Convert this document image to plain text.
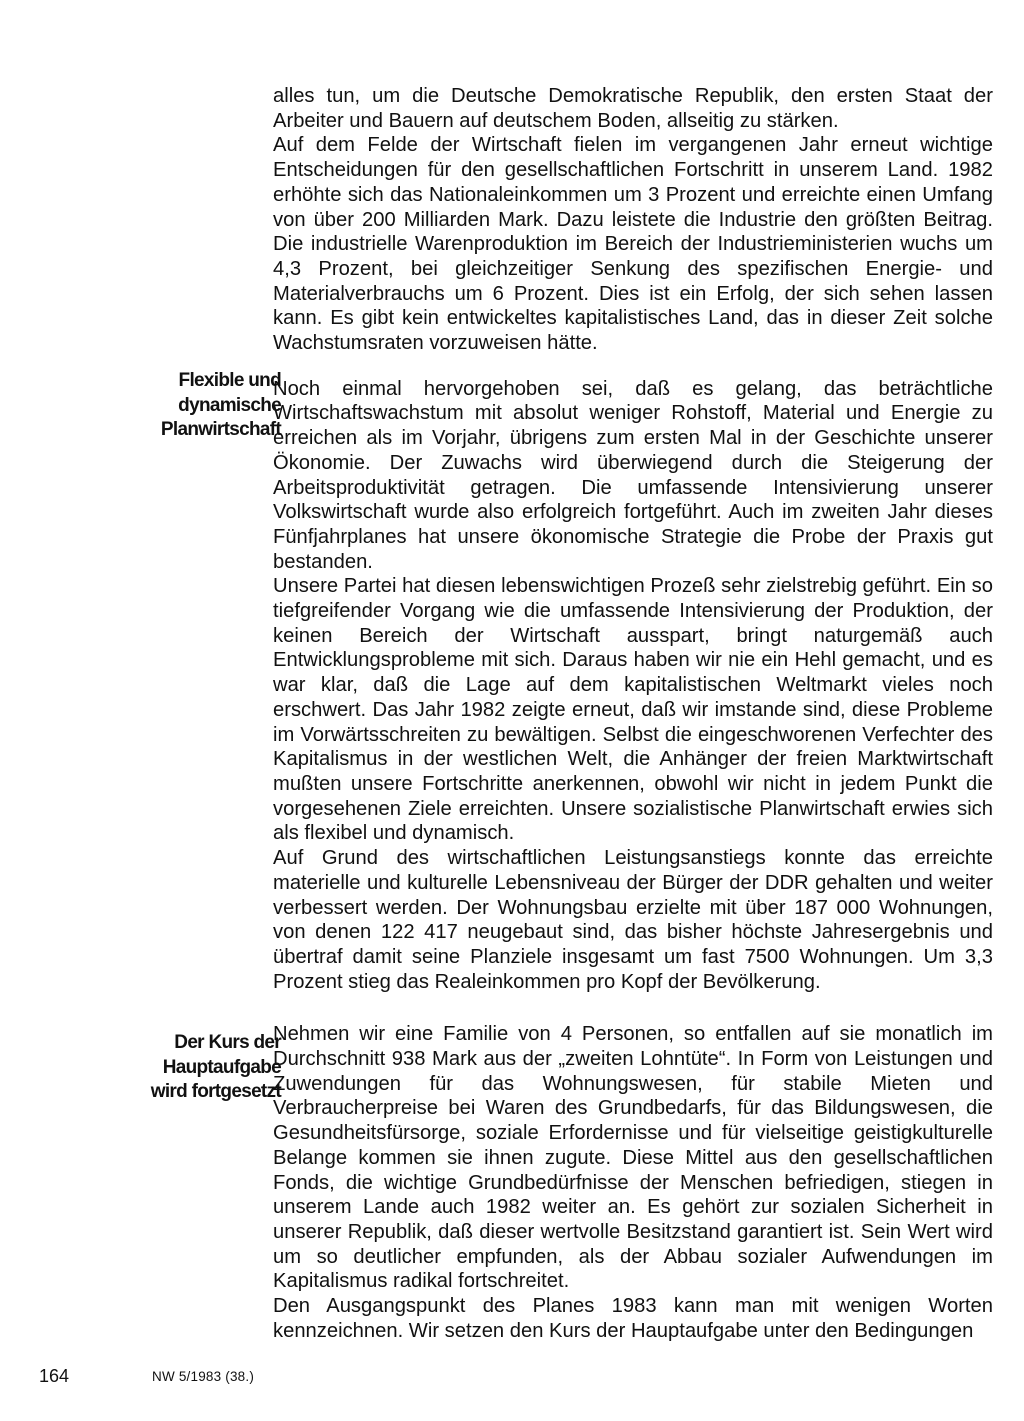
Flexible und
dynamische
Planwirtschaft
Der Kurs der
Hauptaufgabe
wird fortgesetzt

alles tun, um die Deutsche Demokratische Republik, den ersten Staat der Arbeiter und Bauern auf deutschem Boden, allseitig zu stärken.

Auf dem Felde der Wirtschaft fielen im vergangenen Jahr erneut wichtige Entscheidungen für den gesellschaftlichen Fortschritt in unserem Land. 1982 erhöhte sich das Nationaleinkommen um 3 Prozent und erreichte einen Umfang von über 200 Milliarden Mark. Dazu leistete die Industrie den größten Beitrag. Die industrielle Warenproduktion im Bereich der Industrieministerien wuchs um 4,3 Prozent, bei gleichzeitiger Senkung des spezifischen Energie- und Materialverbrauchs um 6 Prozent. Dies ist ein Erfolg, der sich sehen lassen kann. Es gibt kein entwickeltes kapitalistisches Land, das in dieser Zeit solche Wachstumsraten vorzuweisen hätte.

Noch einmal hervorgehoben sei, daß es gelang, das beträchtliche Wirtschaftswachstum mit absolut weniger Rohstoff, Material und Energie zu erreichen als im Vorjahr, übrigens zum ersten Mal in der Geschichte unserer Ökonomie. Der Zuwachs wird überwiegend durch die Steigerung der Arbeitsproduktivität getragen. Die umfassende Intensivierung unserer Volkswirtschaft wurde also erfolgreich fortgeführt. Auch im zweiten Jahr dieses Fünfjahrplanes hat unsere ökonomische Strategie die Probe der Praxis gut bestanden.

Unsere Partei hat diesen lebenswichtigen Prozeß sehr zielstrebig geführt. Ein so tiefgreifender Vorgang wie die umfassende Intensivierung der Produktion, der keinen Bereich der Wirtschaft ausspart, bringt naturgemäß auch Entwicklungsprobleme mit sich. Daraus haben wir nie ein Hehl gemacht, und es war klar, daß die Lage auf dem kapitalistischen Weltmarkt vieles noch erschwert. Das Jahr 1982 zeigte erneut, daß wir imstande sind, diese Probleme im Vorwärtsschreiten zu bewältigen. Selbst die eingeschworenen Verfechter des Kapitalismus in der westlichen Welt, die Anhänger der freien Marktwirtschaft mußten unsere Fortschritte anerkennen, obwohl wir nicht in jedem Punkt die vorgesehenen Ziele erreichten. Unsere sozialistische Planwirtschaft erwies sich als flexibel und dynamisch.

Auf Grund des wirtschaftlichen Leistungsanstiegs konnte das erreichte materielle und kulturelle Lebensniveau der Bürger der DDR gehalten und weiter verbessert werden. Der Wohnungsbau erzielte mit über 187 000 Wohnungen, von denen 122 417 neugebaut sind, das bisher höchste Jahresergebnis und übertraf damit seine Planziele insgesamt um fast 7500 Wohnungen. Um 3,3 Prozent stieg das Realeinkommen pro Kopf der Bevölkerung.

Nehmen wir eine Familie von 4 Personen, so entfallen auf sie monatlich im Durchschnitt 938 Mark aus der „zweiten Lohntüte“. In Form von Leistungen und Zuwendungen für das Wohnungswesen, für stabile Mieten und Verbraucherpreise bei Waren des Grundbedarfs, für das Bildungswesen, die Gesundheitsfürsorge, soziale Erfordernisse und für vielseitige geistigkulturelle Belange kommen sie ihnen zugute. Diese Mittel aus den gesellschaftlichen Fonds, die wichtige Grundbedürfnisse der Menschen befriedigen, stiegen in unserem Lande auch 1982 weiter an. Es gehört zur sozialen Sicherheit in unserer Republik, daß dieser wertvolle Besitzstand garantiert ist. Sein Wert wird um so deutlicher empfunden, als der Abbau sozialer Aufwendungen im Kapitalismus radikal fortschreitet.

Den Ausgangspunkt des Planes 1983 kann man mit wenigen Worten kennzeichnen. Wir setzen den Kurs der Hauptaufgabe unter den Bedingungen

164	NW 5/1983 (38.)
